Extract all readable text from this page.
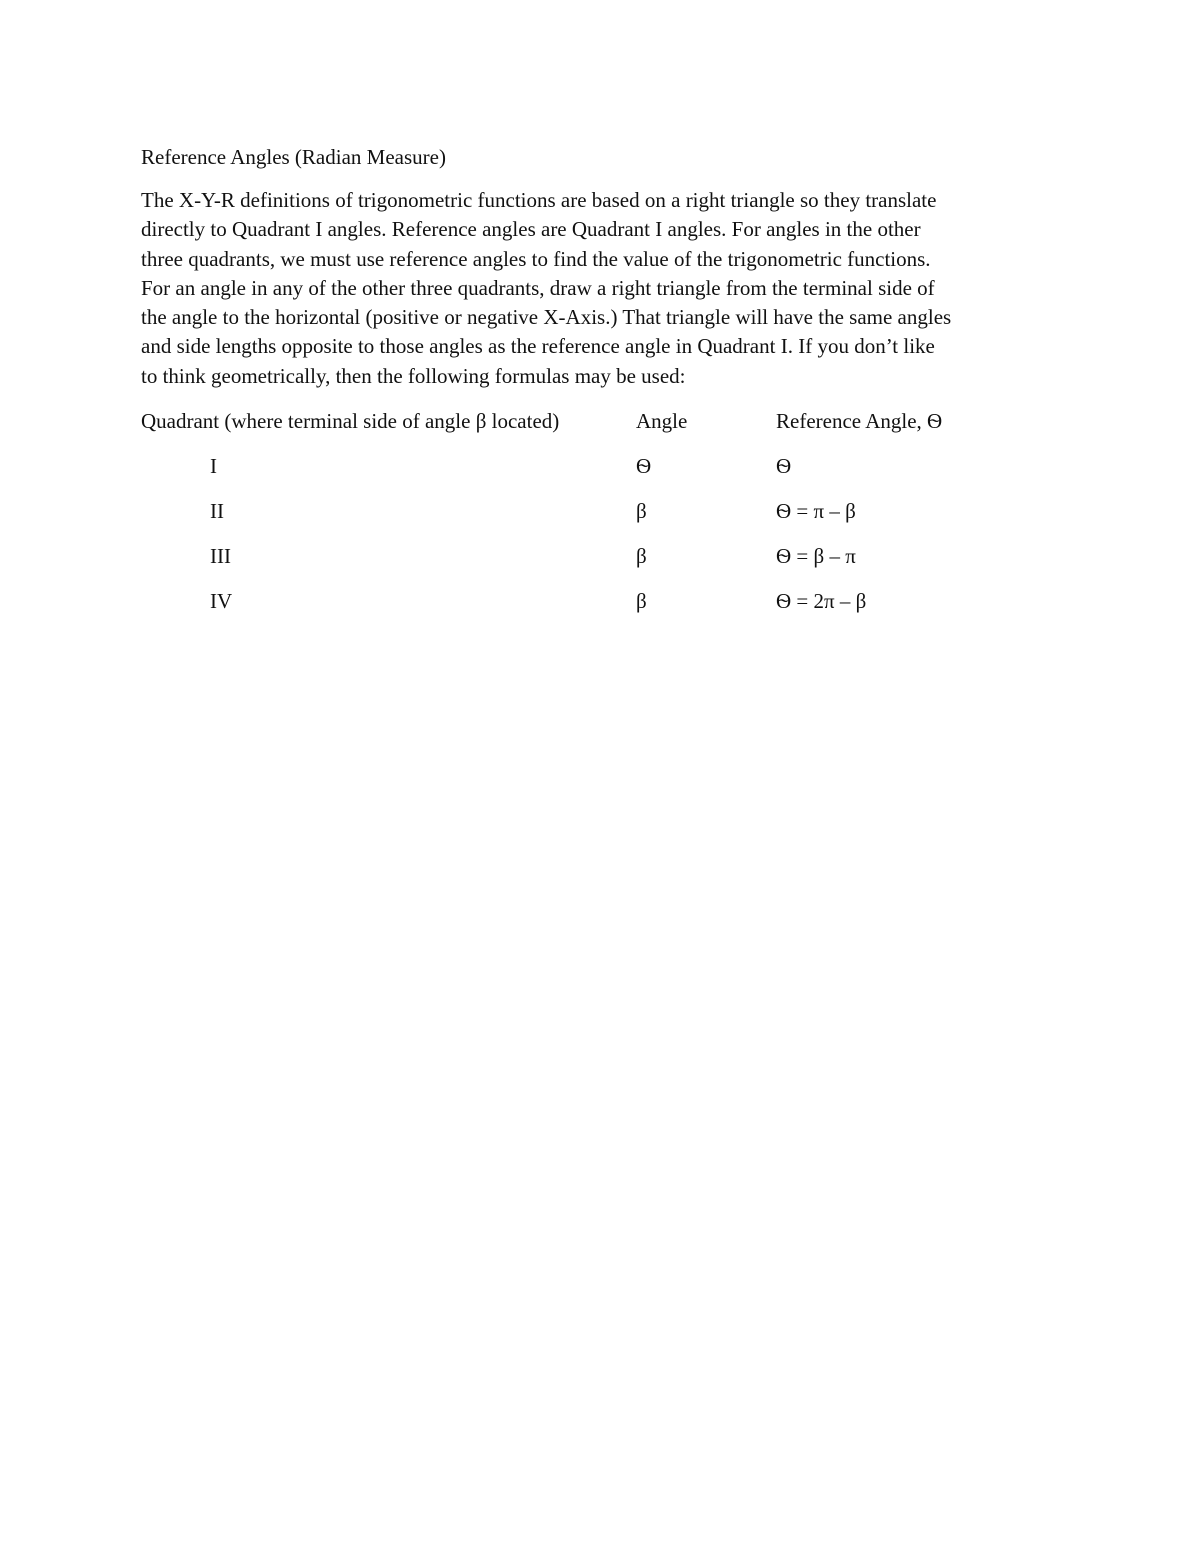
Reference Angles (Radian Measure)
The X-Y-R definitions of trigonometric functions are based on a right triangle so they translate
directly to Quadrant I angles. Reference angles are Quadrant I angles. For angles in the other
three quadrants, we must use reference angles to find the value of the trigonometric functions.
For an angle in any of the other three quadrants, draw a right triangle from the terminal side of
the angle to the horizontal (positive or negative X-Axis.) That triangle will have the same angles
and side lengths opposite to those angles as the reference angle in Quadrant I. If you don’t like
to think geometrically, then the following formulas may be used:
Quadrant (where terminal side of angle β located)	Angle	Reference Angle, Ѳ
I	Ѳ	Ѳ
II	β	Ѳ = π – β
III	β	Ѳ = β – π
IV	β	Ѳ = 2π – β
